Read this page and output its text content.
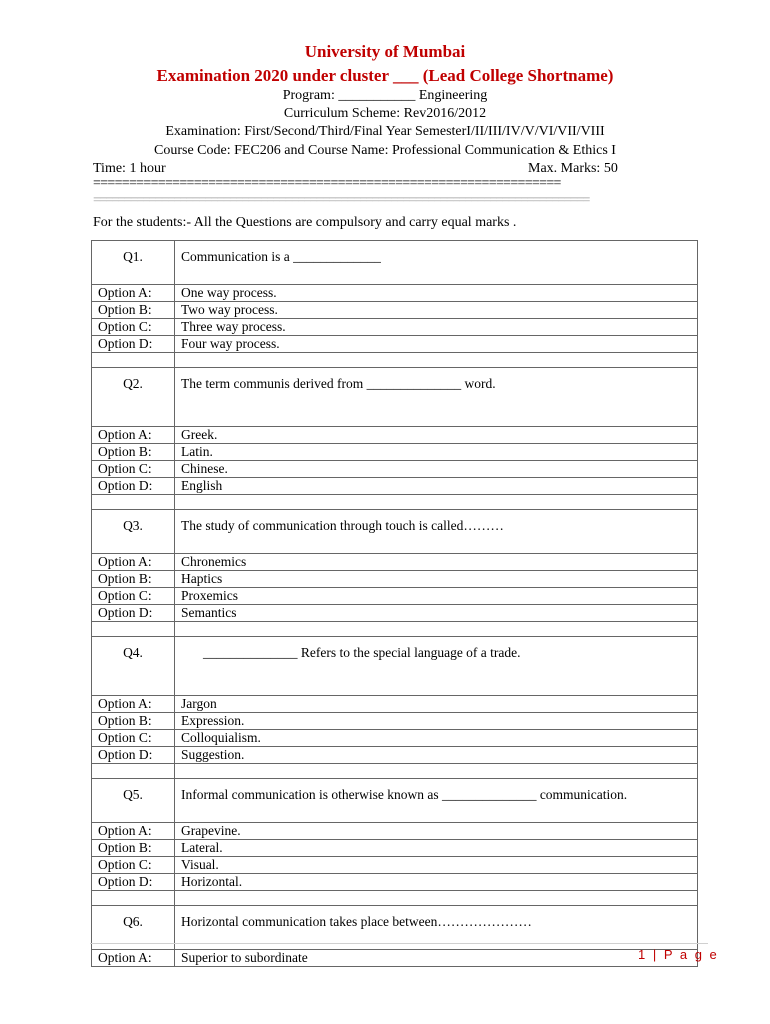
University of Mumbai
Examination 2020 under cluster ___ (Lead College Shortname)
Program: ___________ Engineering
Curriculum Scheme: Rev2016/2012
Examination: First/Second/Third/Final Year SemesterI/II/III/IV/V/VI/VII/VIII
Course Code: FEC206 and Course Name: Professional Communication & Ethics I
Time: 1 hour	Max. Marks: 50
=================================================================
================================================================================
For the students:- All the Questions are compulsory and carry equal marks .
Q1.	Communication is a _____________
Option A:	One way process.
Option B:	Two way process.
Option C:	Three way process.
Option D:	Four way process.

Q2.	The term communis derived from ______________ word.
Option A:	Greek.
Option B:	Latin.
Option C:	Chinese.
Option D:	English

Q3.	The study of communication through touch is called………
Option A:	Chronemics
Option B:	Haptics
Option C:	Proxemics
Option D:	Semantics

Q4.	______________ Refers to the special language of a trade.
Option A:	Jargon
Option B:	Expression.
Option C:	Colloquialism.
Option D:	Suggestion.

Q5.	Informal communication is otherwise known as ______________ communication.
Option A:	Grapevine.
Option B:	Lateral.
Option C:	Visual.
Option D:	Horizontal.

Q6.	Horizontal communication takes place between…………………
Option A:	Superior to subordinate	1 | P a g e
